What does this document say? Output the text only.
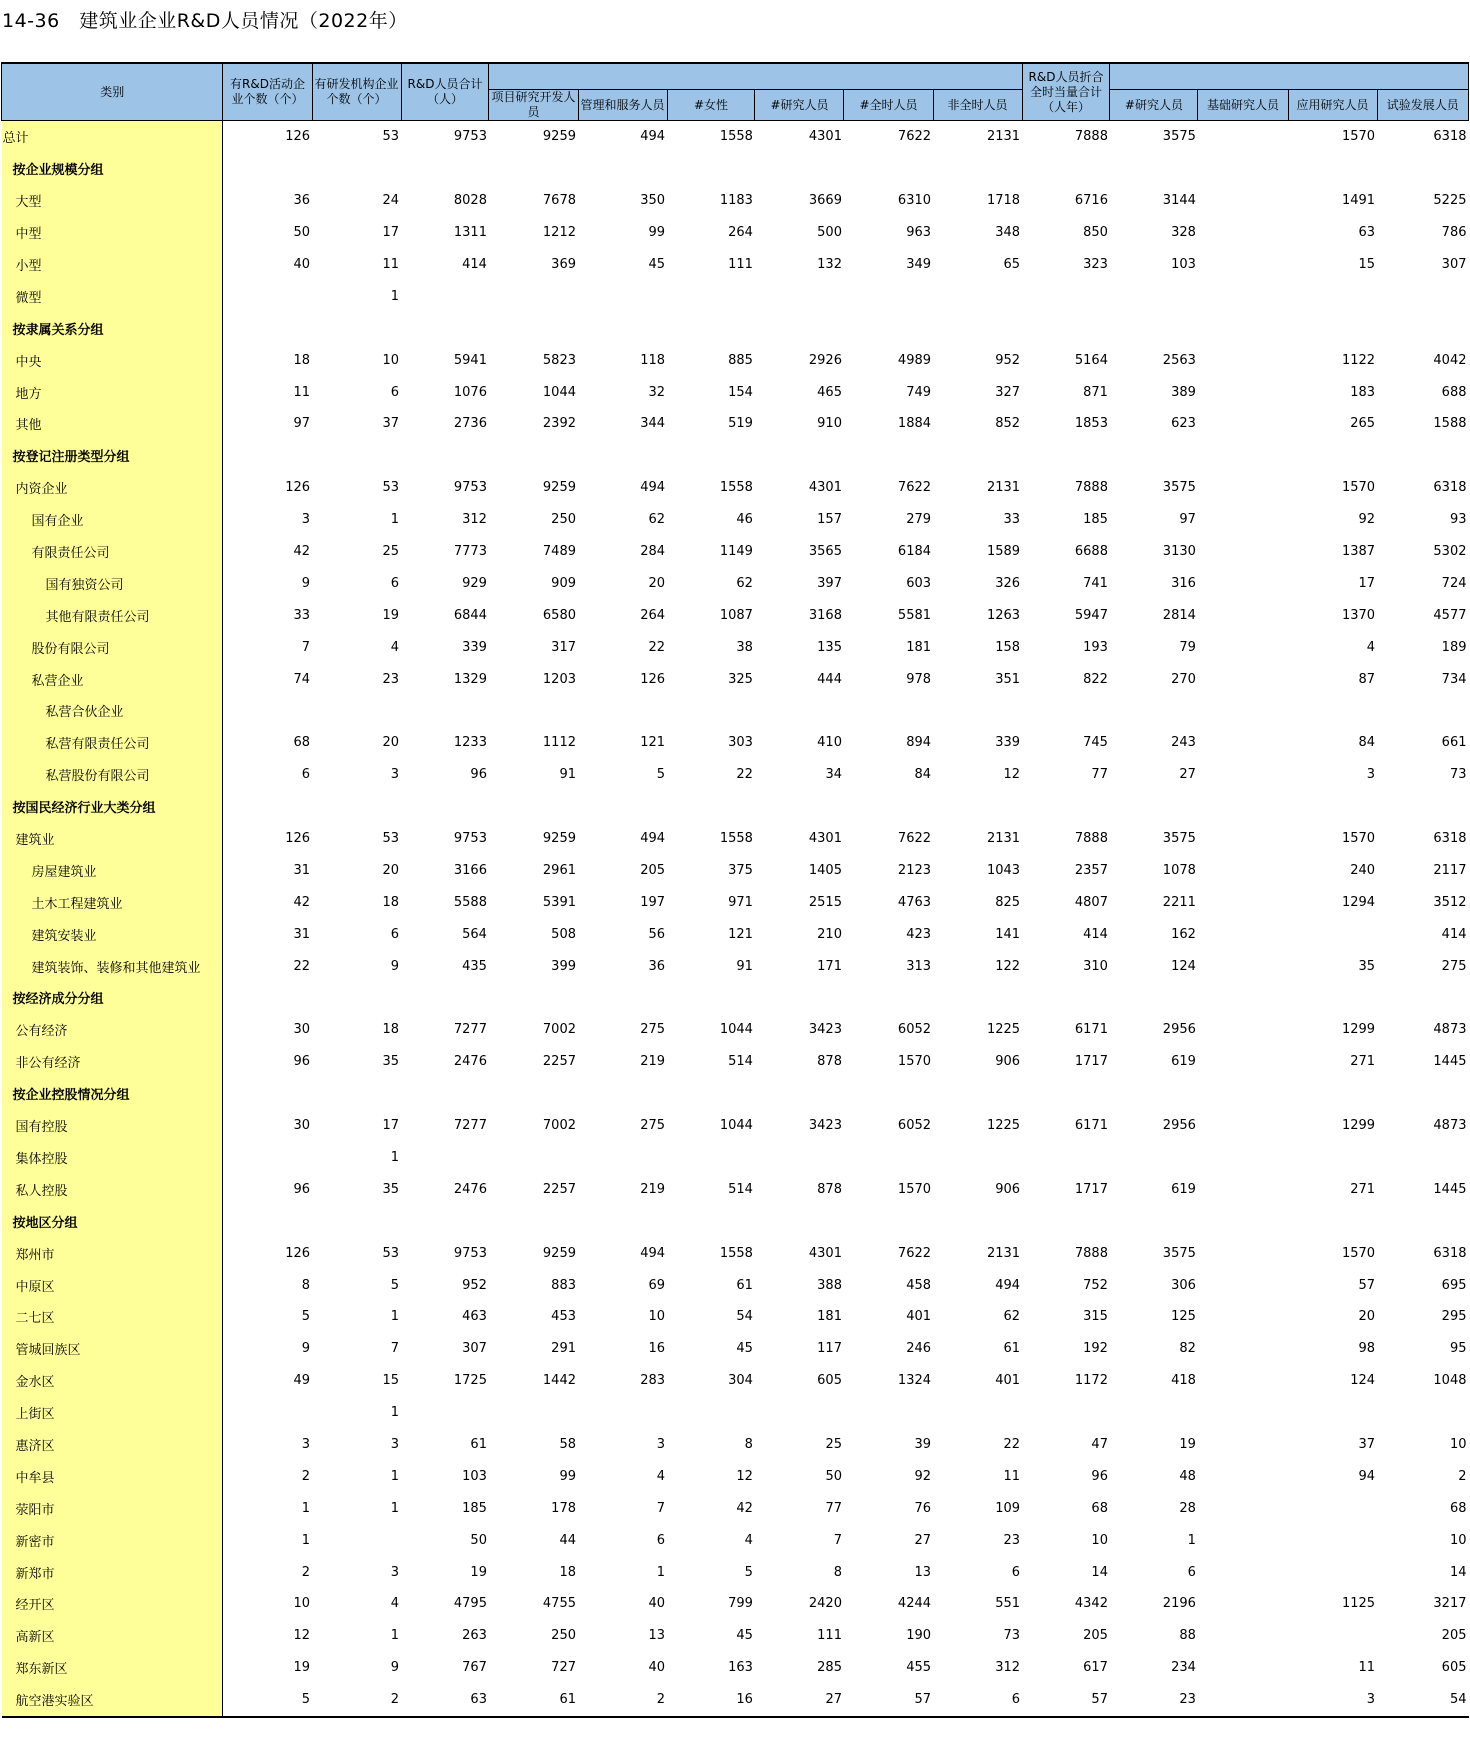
14-36　建筑业企业R&D人员情况（2022年）
类别	有R&D活动企业个数（个）	有研发机构企业个数（个）	R&D人员合计（人）							R&D人员折合全时当量合计（人年）				
				项目研究开发人员	管理和服务人员	#女性	#研究人员	#全时人员	非全时人员		#研究人员	基础研究人员	应用研究人员	试验发展人员
总计	126	53	9753	9259	494	1558	4301	7622	2131	7888	3575		1570	6318
按企业规模分组														
大型	36	24	8028	7678	350	1183	3669	6310	1718	6716	3144		1491	5225
中型	50	17	1311	1212	99	264	500	963	348	850	328		63	786
小型	40	11	414	369	45	111	132	349	65	323	103		15	307
微型		1												
按隶属关系分组														
中央	18	10	5941	5823	118	885	2926	4989	952	5164	2563		1122	4042
地方	11	6	1076	1044	32	154	465	749	327	871	389		183	688
其他	97	37	2736	2392	344	519	910	1884	852	1853	623		265	1588
按登记注册类型分组														
内资企业	126	53	9753	9259	494	1558	4301	7622	2131	7888	3575		1570	6318
国有企业	3	1	312	250	62	46	157	279	33	185	97		92	93
有限责任公司	42	25	7773	7489	284	1149	3565	6184	1589	6688	3130		1387	5302
国有独资公司	9	6	929	909	20	62	397	603	326	741	316		17	724
其他有限责任公司	33	19	6844	6580	264	1087	3168	5581	1263	5947	2814		1370	4577
股份有限公司	7	4	339	317	22	38	135	181	158	193	79		4	189
私营企业	74	23	1329	1203	126	325	444	978	351	822	270		87	734
私营合伙企业														
私营有限责任公司	68	20	1233	1112	121	303	410	894	339	745	243		84	661
私营股份有限公司	6	3	96	91	5	22	34	84	12	77	27		3	73
按国民经济行业大类分组														
建筑业	126	53	9753	9259	494	1558	4301	7622	2131	7888	3575		1570	6318
房屋建筑业	31	20	3166	2961	205	375	1405	2123	1043	2357	1078		240	2117
土木工程建筑业	42	18	5588	5391	197	971	2515	4763	825	4807	2211		1294	3512
建筑安装业	31	6	564	508	56	121	210	423	141	414	162			414
建筑装饰、装修和其他建筑业	22	9	435	399	36	91	171	313	122	310	124		35	275
按经济成分分组														
公有经济	30	18	7277	7002	275	1044	3423	6052	1225	6171	2956		1299	4873
非公有经济	96	35	2476	2257	219	514	878	1570	906	1717	619		271	1445
按企业控股情况分组														
国有控股	30	17	7277	7002	275	1044	3423	6052	1225	6171	2956		1299	4873
集体控股		1												
私人控股	96	35	2476	2257	219	514	878	1570	906	1717	619		271	1445
按地区分组														
郑州市	126	53	9753	9259	494	1558	4301	7622	2131	7888	3575		1570	6318
中原区	8	5	952	883	69	61	388	458	494	752	306		57	695
二七区	5	1	463	453	10	54	181	401	62	315	125		20	295
管城回族区	9	7	307	291	16	45	117	246	61	192	82		98	95
金水区	49	15	1725	1442	283	304	605	1324	401	1172	418		124	1048
上街区		1												
惠济区	3	3	61	58	3	8	25	39	22	47	19		37	10
中牟县	2	1	103	99	4	12	50	92	11	96	48		94	2
荥阳市	1	1	185	178	7	42	77	76	109	68	28			68
新密市	1		50	44	6	4	7	27	23	10	1			10
新郑市	2	3	19	18	1	5	8	13	6	14	6			14
经开区	10	4	4795	4755	40	799	2420	4244	551	4342	2196		1125	3217
高新区	12	1	263	250	13	45	111	190	73	205	88			205
郑东新区	19	9	767	727	40	163	285	455	312	617	234		11	605
航空港实验区	5	2	63	61	2	16	27	57	6	57	23		3	54
